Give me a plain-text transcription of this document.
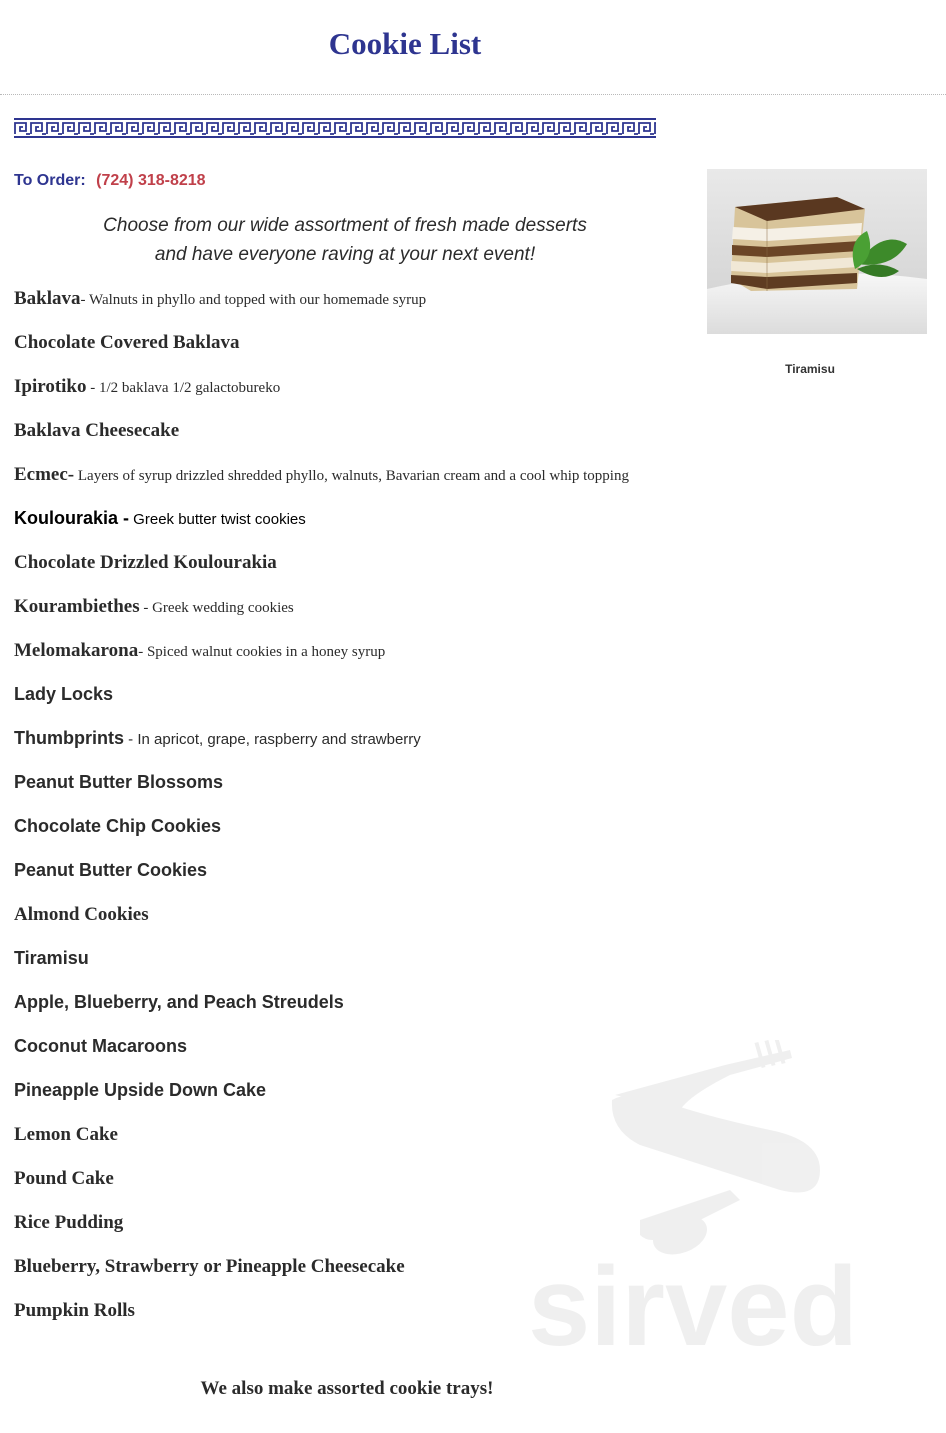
Cookie List
To Order: (724) 318-8218
Choose from our wide assortment of fresh made desserts
and have everyone raving at your next event!
Tiramisu
Baklava- Walnuts in phyllo and topped with our homemade syrup
Chocolate Covered Baklava
Ipirotiko - 1/2 baklava 1/2 galactobureko
Baklava Cheesecake
Ecmec- Layers of syrup drizzled shredded phyllo, walnuts, Bavarian cream and a cool whip topping
Koulourakia - Greek butter twist cookies
Chocolate Drizzled Koulourakia
Kourambiethes - Greek wedding cookies
Melomakarona- Spiced walnut cookies in a honey syrup
Lady Locks
Thumbprints - In apricot, grape, raspberry and strawberry
Peanut Butter Blossoms
Chocolate Chip Cookies
Peanut Butter Cookies
Almond Cookies
Tiramisu
Apple, Blueberry, and Peach Streudels
Coconut Macaroons
Pineapple Upside Down Cake
Lemon Cake
Pound Cake
Rice Pudding
Blueberry, Strawberry or Pineapple Cheesecake
Pumpkin Rolls
We also make assorted cookie trays!
sirved
